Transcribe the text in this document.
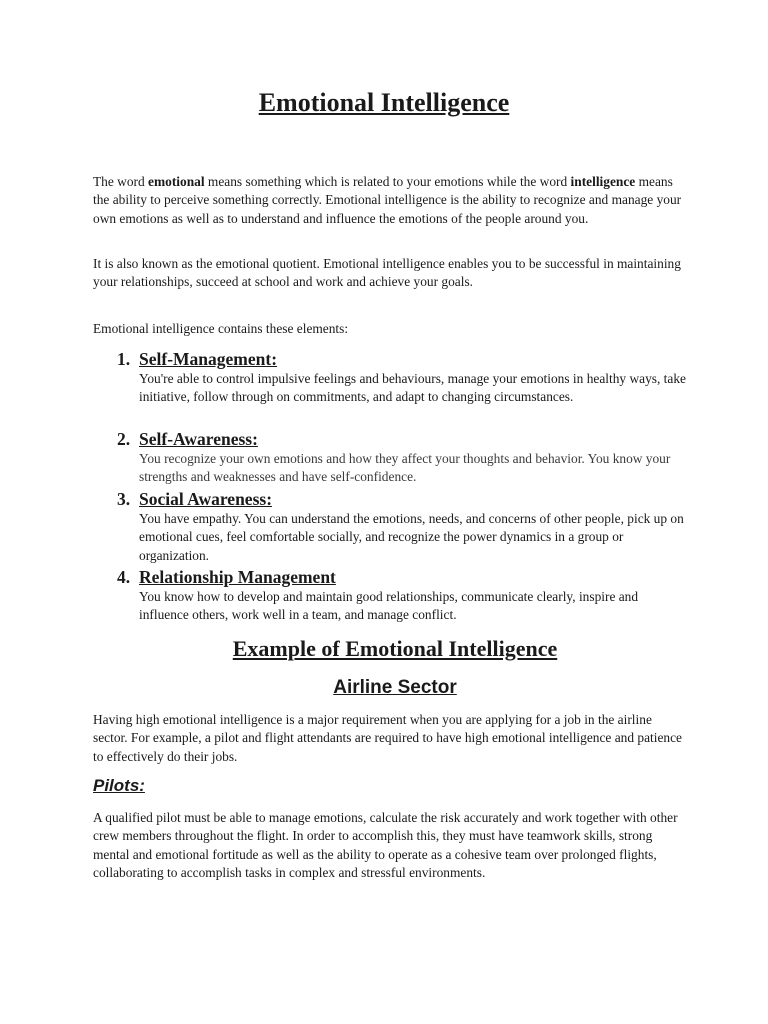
Emotional Intelligence

The word emotional means something which is related to your emotions while the word intelligence means the ability to perceive something correctly. Emotional intelligence is the ability to recognize and manage your own emotions as well as to understand and influence the emotions of the people around you.

It is also known as the emotional quotient. Emotional intelligence enables you to be successful in maintaining your relationships, succeed at school and work and achieve your goals.

Emotional intelligence contains these elements:

1. Self-Management:

You're able to control impulsive feelings and behaviours, manage your emotions in healthy ways, take initiative, follow through on commitments, and adapt to changing circumstances.

2. Self-Awareness:

You recognize your own emotions and how they affect your thoughts and behavior. You know your strengths and weaknesses and have self-confidence.

3. Social Awareness:

You have empathy. You can understand the emotions, needs, and concerns of other people, pick up on emotional cues, feel comfortable socially, and recognize the power dynamics in a group or organization.

4. Relationship Management

You know how to develop and maintain good relationships, communicate clearly, inspire and influence others, work well in a team, and manage conflict.

Example of Emotional Intelligence
Airline Sector

Having high emotional intelligence is a major requirement when you are applying for a job in the airline sector. For example, a pilot and flight attendants are required to have high emotional intelligence and patience to effectively do their jobs.

Pilots:

A qualified pilot must be able to manage emotions, calculate the risk accurately and work together with other crew members throughout the flight. In order to accomplish this, they must have teamwork skills, strong mental and emotional fortitude as well as the ability to operate as a cohesive team over prolonged flights, collaborating to accomplish tasks in complex and stressful environments.
